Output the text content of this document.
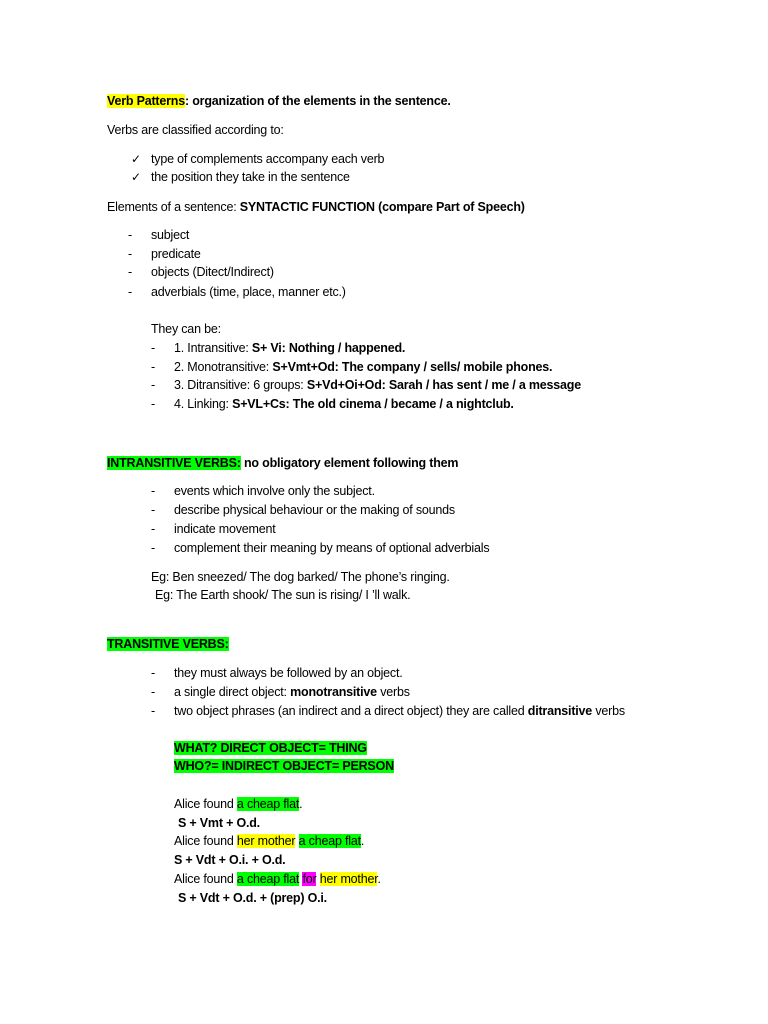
Verb Patterns: organization of the elements in the sentence.
Verbs are classified according to:
✓ type of complements accompany each verb
✓ the position they take in the sentence
Elements of a sentence: SYNTACTIC FUNCTION (compare Part of Speech)
- subject
- predicate
- objects (Ditect/Indirect)
- adverbials (time, place, manner etc.)
They can be:
- 1. Intransitive: S+ Vi: Nothing / happened.
- 2. Monotransitive: S+Vmt+Od: The company / sells/ mobile phones.
- 3. Ditransitive: 6 groups: S+Vd+Oi+Od: Sarah / has sent / me / a message
- 4. Linking: S+VL+Cs: The old cinema / became / a nightclub.
INTRANSITIVE VERBS: no obligatory element following them
- events which involve only the subject.
- describe physical behaviour or the making of sounds
- indicate movement
- complement their meaning by means of optional adverbials
Eg: Ben sneezed/ The dog barked/ The phone’s ringing.
Eg: The Earth shook/ The sun is rising/ I ’ll walk.
TRANSITIVE VERBS:
- they must always be followed by an object.
- a single direct object: monotransitive verbs
- two object phrases (an indirect and a direct object) they are called ditransitive verbs
WHAT? DIRECT OBJECT= THING
WHO?= INDIRECT OBJECT= PERSON
Alice found a cheap flat.
S + Vmt + O.d.
Alice found her mother a cheap flat.
S + Vdt + O.i. + O.d.
Alice found a cheap flat for her mother.
S + Vdt + O.d. + (prep) O.i.
